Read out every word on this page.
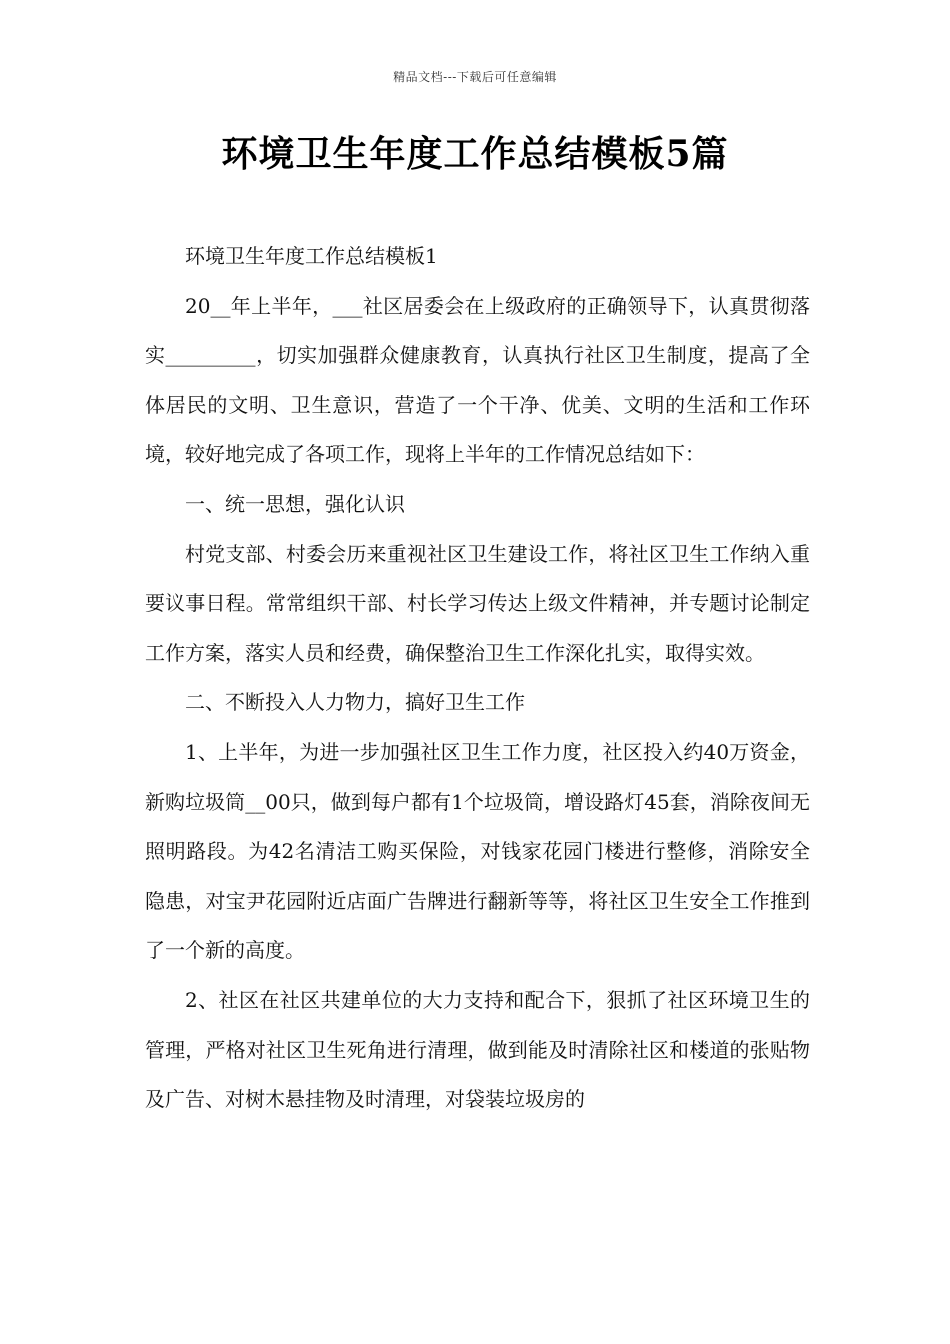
精品文档---下载后可任意编辑
环境卫生年度工作总结模板5篇

环境卫生年度工作总结模板1

20__年上半年，___社区居委会在上级政府的正确领导下，认真贯彻落实_________，切实加强群众健康教育，认真执行社区卫生制度，提高了全体居民的文明、卫生意识，营造了一个干净、优美、文明的生活和工作环境，较好地完成了各项工作，现将上半年的工作情况总结如下：

一、统一思想，强化认识

村党支部、村委会历来重视社区卫生建设工作，将社区卫生工作纳入重要议事日程。常常组织干部、村长学习传达上级文件精神，并专题讨论制定工作方案，落实人员和经费，确保整治卫生工作深化扎实，取得实效。

二、不断投入人力物力，搞好卫生工作

1、上半年，为进一步加强社区卫生工作力度，社区投入约40万资金，新购垃圾筒__00只，做到每户都有1个垃圾筒，增设路灯45套，消除夜间无照明路段。为42名清洁工购买保险，对钱家花园门楼进行整修，消除安全隐患，对宝尹花园附近店面广告牌进行翻新等等，将社区卫生安全工作推到了一个新的高度。

2、社区在社区共建单位的大力支持和配合下，狠抓了社区环境卫生的管理，严格对社区卫生死角进行清理，做到能及时清除社区和楼道的张贴物及广告、对树木悬挂物及时清理，对袋装垃圾房的
